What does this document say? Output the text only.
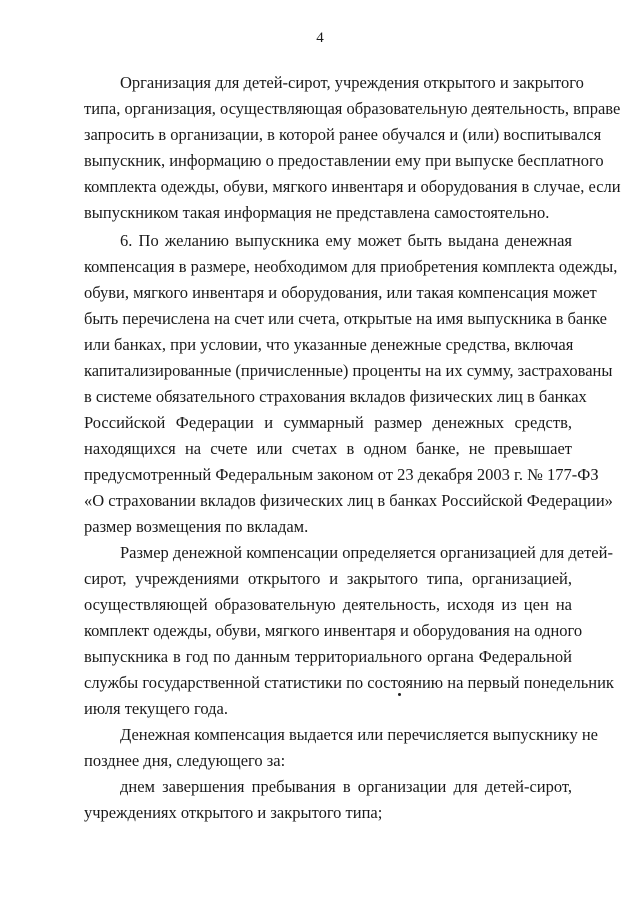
4
Организация для детей-сирот, учреждения открытого и закрытого
типа, организация, осуществляющая образовательную деятельность, вправе
запросить в организации, в которой ранее обучался и (или) воспитывался
выпускник, информацию о предоставлении ему при выпуске бесплатного
комплекта одежды, обуви, мягкого инвентаря и оборудования в случае, если
выпускником такая информация не представлена самостоятельно.
6. По желанию выпускника ему может быть выдана денежная
компенсация в размере, необходимом для приобретения комплекта одежды,
обуви, мягкого инвентаря и оборудования, или такая компенсация может
быть перечислена на счет или счета, открытые на имя выпускника в банке
или банках, при условии, что указанные денежные средства, включая
капитализированные (причисленные) проценты на их сумму, застрахованы
в системе обязательного страхования вкладов физических лиц в банках
Российской Федерации и суммарный размер денежных средств,
находящихся на счете или счетах в одном банке, не превышает
предусмотренный Федеральным законом от 23 декабря 2003 г. № 177-ФЗ
«О страховании вкладов физических лиц в банках Российской Федерации»
размер возмещения по вкладам.
Размер денежной компенсации определяется организацией для детей-
сирот, учреждениями открытого и закрытого типа, организацией,
осуществляющей образовательную деятельность, исходя из цен на
комплект одежды, обуви, мягкого инвентаря и оборудования на одного
выпускника в год по данным территориального органа Федеральной
службы государственной статистики по состоянию на первый понедельник
июля текущего года.
Денежная компенсация выдается или перечисляется выпускнику не
позднее дня, следующего за:
днем завершения пребывания в организации для детей-сирот,
учреждениях открытого и закрытого типа;
